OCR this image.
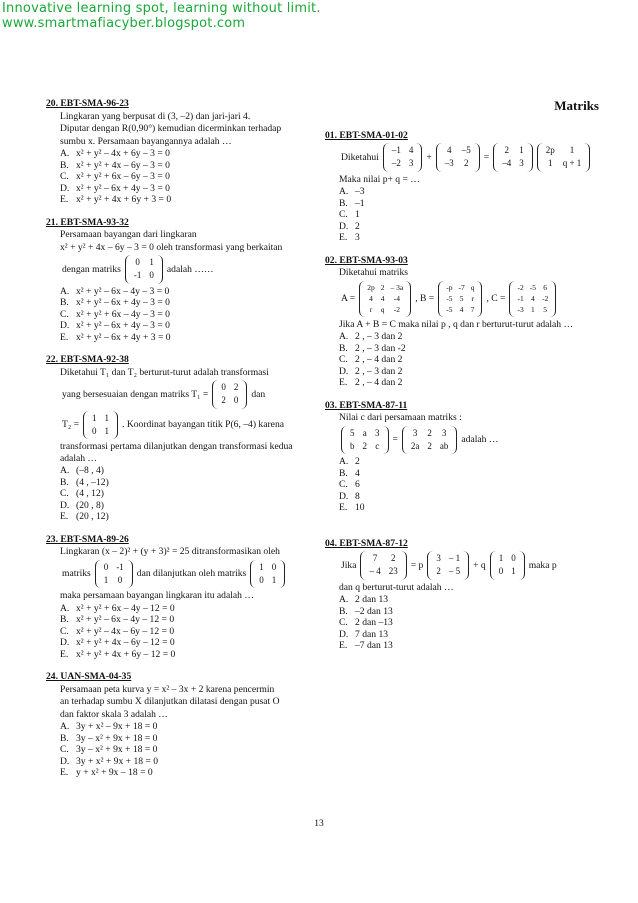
Innovative learning spot, learning without limit.
www.smartmafiacyber.blogspot.com
20. EBT-SMA-96-23

Lingkaran yang berpusat di (3, –2) dan jari-jari 4.

Diputar dengan R(0,90°) kemudian dicerminkan terhadap

sumbu x. Persamaan bayangannya adalah …

A. x² + y² – 4x + 6y – 3 = 0
B. x² + y² + 4x – 6y – 3 = 0
C. x² + y² + 6x – 6y – 3 = 0
D. x² + y² – 6x + 4y – 3 = 0
E. x² + y² + 4x + 6y + 3 = 0
21. EBT-SMA-93-32

Persamaan bayangan dari lingkaran

x² + y² + 4x – 6y – 3 = 0 oleh transformasi yang berkaitan

dengan matriks
0	1
-1	0
adalah ……
A. x² + y² – 6x – 4y – 3 = 0
B. x² + y² – 6x + 4y – 3 = 0
C. x² + y² + 6x – 4y – 3 = 0
D. x² + y² – 6x + 4y – 3 = 0
E. x² + y² – 6x + 4y + 3 = 0
22. EBT-SMA-92-38

Diketahui T₁ dan T₂ berturut-turut adalah transformasi

yang bersesuaian dengan matriks T₁ =
0	2
2	0
dan
T₂ =
1	1
0	1
. Koordinat bayangan titik P(6, –4) karena

transformasi pertama dilanjutkan dengan transformasi kedua adalah …

A. (–8 , 4)
B. (4 , –12)
C. (4 , 12)
D. (20 , 8)
E. (20 , 12)
23. EBT-SMA-89-26

Lingkaran (x – 2)² + (y + 3)² = 25 ditransformasikan oleh

matriks
0	-1
1	0
dan dilanjutkan oleh matriks
1	0
0	1

maka persamaan bayangan lingkaran itu adalah …

A. x² + y² + 6x – 4y – 12 = 0
B. x² + y² – 6x – 4y – 12 = 0
C. x² + y² – 4x – 6y – 12 = 0
D. x² + y² + 4x – 6y – 12 = 0
E. x² + y² + 4x + 6y – 12 = 0
24. UAN-SMA-04-35

Persamaan peta kurva y = x² – 3x + 2 karena pencermin

an terhadap sumbu X dilanjutkan dilatasi dengan pusat O

dan faktor skala 3 adalah …

A. 3y + x² – 9x + 18 = 0
B. 3y – x² + 9x + 18 = 0
C. 3y – x² + 9x + 18 = 0
D. 3y + x² + 9x + 18 = 0
E. y + x² + 9x – 18 = 0
Matriks
01. EBT-SMA-01-02
Diketahui
–1	4
–2	3
+
4	–5
–3	2
=
2	1
–4	3
2p	1
1	q + 1

Maka nilai p+ q = …

A. –3
B. –1
C. 1
D. 2
E. 3
02. EBT-SMA-93-03

Diketahui matriks

A =
2p	2	– 3a
4	4	-4
r	q	-2
, B =
-p	-7	q
-5	5	r
-5	4	7
, C =
-2	-5	6
-1	4	-2
-3	1	5

Jika A + B = C maka nilai p , q dan r berturut-turut adalah …

A. 2 , – 3 dan 2
B. 2 , – 3 dan -2
C. 2 , – 4 dan 2
D. 2 , – 3 dan 2
E. 2 , – 4 dan 2
03. EBT-SMA-87-11

Nilai c dari persamaan matriks :

5	a	3
b	2	c
=
3	2	3
2a	2	ab
adalah …
A. 2
B. 4
C. 6
D. 8
E. 10
04. EBT-SMA-87-12
Jika
7	2
– 4	23
= p
3	– 1
2	– 5
+ q
1	0
0	1
maka p

dan q berturut-turut adalah …

A. 2 dan 13
B. –2 dan 13
C. 2 dan –13
D. 7 dan 13
E. –7 dan 13
13
